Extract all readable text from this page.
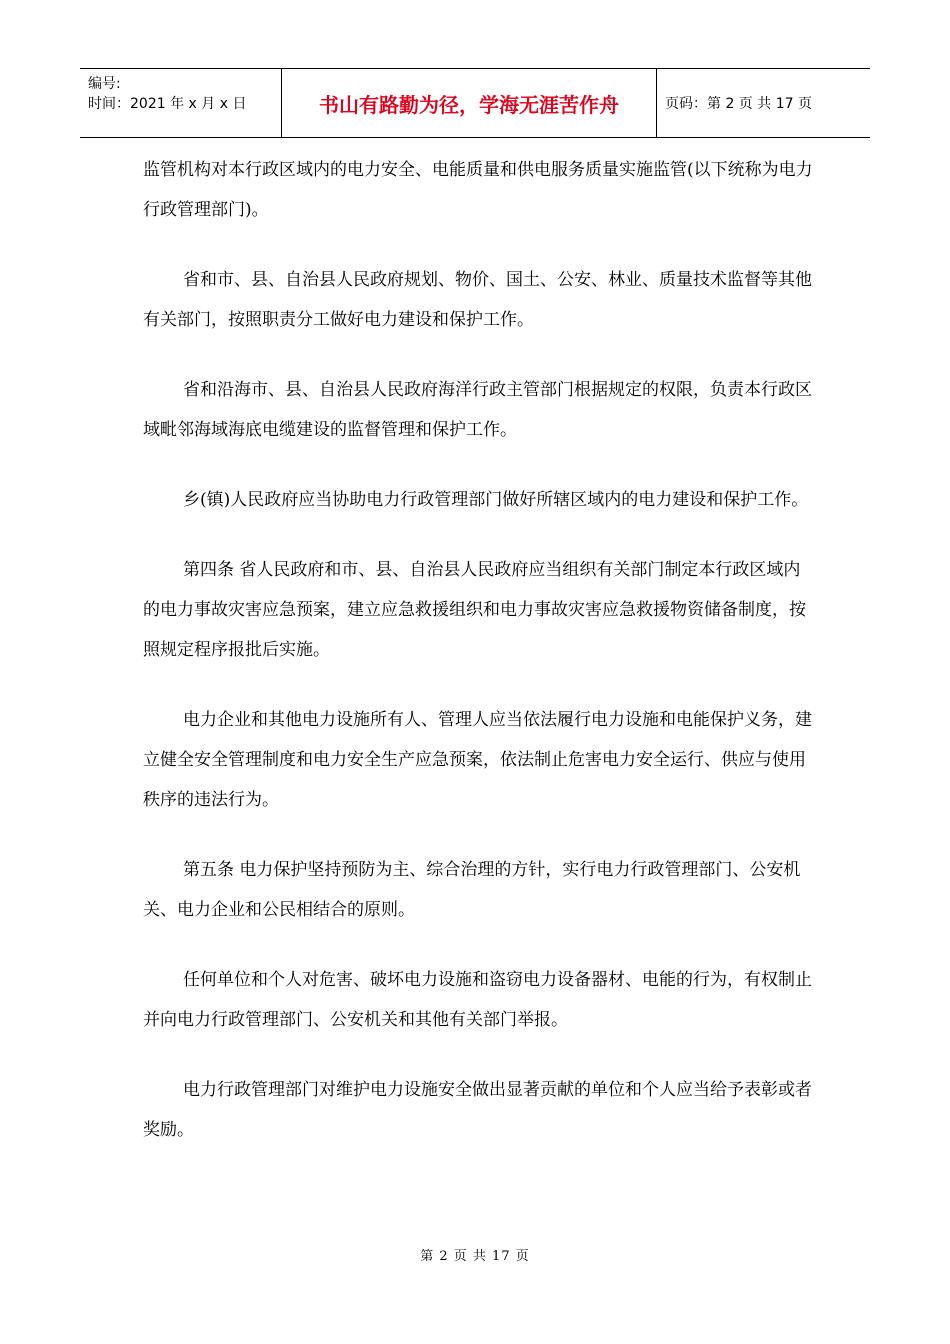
编号:
时间：2021 年 x 月 x 日	书山有路勤为径，学海无涯苦作舟	页码：第 2 页 共 17 页

监管机构对本行政区域内的电力安全、电能质量和供电服务质量实施监管(以下统称为电力行政管理部门)。

省和市、县、自治县人民政府规划、物价、国土、公安、林业、质量技术监督等其他有关部门，按照职责分工做好电力建设和保护工作。

省和沿海市、县、自治县人民政府海洋行政主管部门根据规定的权限，负责本行政区域毗邻海域海底电缆建设的监督管理和保护工作。

乡(镇)人民政府应当协助电力行政管理部门做好所辖区域内的电力建设和保护工作。

第四条 省人民政府和市、县、自治县人民政府应当组织有关部门制定本行政区域内的电力事故灾害应急预案，建立应急救援组织和电力事故灾害应急救援物资储备制度，按照规定程序报批后实施。

电力企业和其他电力设施所有人、管理人应当依法履行电力设施和电能保护义务，建立健全安全管理制度和电力安全生产应急预案，依法制止危害电力安全运行、供应与使用秩序的违法行为。

第五条 电力保护坚持预防为主、综合治理的方针，实行电力行政管理部门、公安机关、电力企业和公民相结合的原则。

任何单位和个人对危害、破坏电力设施和盗窃电力设备器材、电能的行为，有权制止并向电力行政管理部门、公安机关和其他有关部门举报。

电力行政管理部门对维护电力设施安全做出显著贡献的单位和个人应当给予表彰或者奖励。

第 2 页 共 17 页
